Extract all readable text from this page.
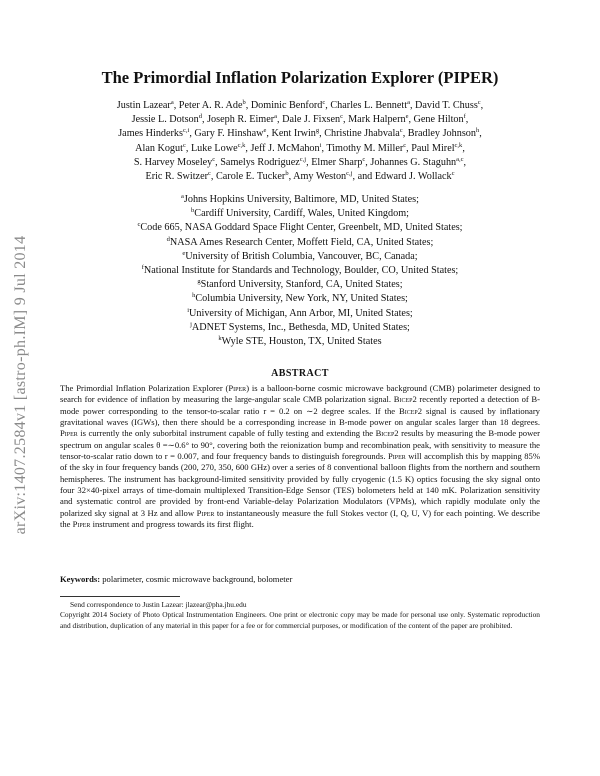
arXiv:1407.2584v1 [astro-ph.IM] 9 Jul 2014
The Primordial Inflation Polarization Explorer (PIPER)
Justin Lazear$^a$, Peter A. R. Ade$^b$, Dominic Benford$^c$, Charles L. Bennett$^a$, David T. Chuss$^c$,
Jessie L. Dotson$^d$, Joseph R. Eimer$^a$, Dale J. Fixsen$^c$, Mark Halpern$^e$, Gene Hilton$^f$,
James Hinderks$^{c,i}$, Gary F. Hinshaw$^e$, Kent Irwin$^g$, Christine Jhabvala$^c$, Bradley Johnson$^h$,
Alan Kogut$^c$, Luke Lowe$^{c,k}$, Jeff J. McMahon$^i$, Timothy M. Miller$^c$, Paul Mirel$^{c,k}$,
S. Harvey Moseley$^c$, Samelys Rodriguez$^{c,j}$, Elmer Sharp$^c$, Johannes G. Staguhn$^{a,c}$,
Eric R. Switzer$^c$, Carole E. Tucker$^b$, Amy Weston$^{c,j}$, and Edward J. Wollack$^c$
$^a$Johns Hopkins University, Baltimore, MD, United States;
$^b$Cardiff University, Cardiff, Wales, United Kingdom;
$^c$Code 665, NASA Goddard Space Flight Center, Greenbelt, MD, United States;
$^d$NASA Ames Research Center, Moffett Field, CA, United States;
$^e$University of British Columbia, Vancouver, BC, Canada;
$^f$National Institute for Standards and Technology, Boulder, CO, United States;
$^g$Stanford University, Stanford, CA, United States;
$^h$Columbia University, New York, NY, United States;
$^i$University of Michigan, Ann Arbor, MI, United States;
$^j$ADNET Systems, Inc., Bethesda, MD, United States;
$^k$Wyle STE, Houston, TX, United States
ABSTRACT
The Primordial Inflation Polarization Explorer (Piper) is a balloon-borne cosmic microwave background (CMB) polarimeter designed to search for evidence of inflation by measuring the large-angular scale CMB polarization signal. Bicep2 recently reported a detection of B-mode power corresponding to the tensor-to-scalar ratio r = 0.2 on ∼2 degree scales. If the Bicep2 signal is caused by inflationary gravitational waves (IGWs), then there should be a corresponding increase in B-mode power on angular scales larger than 18 degrees. Piper is currently the only suborbital instrument capable of fully testing and extending the Bicep2 results by measuring the B-mode power spectrum on angular scales θ =∼0.6° to 90°, covering both the reionization bump and recombination peak, with sensitivity to measure the tensor-to-scalar ratio down to r = 0.007, and four frequency bands to distinguish foregrounds. Piper will accomplish this by mapping 85% of the sky in four frequency bands (200, 270, 350, 600 GHz) over a series of 8 conventional balloon flights from the northern and southern hemispheres. The instrument has background-limited sensitivity provided by fully cryogenic (1.5 K) optics focusing the sky signal onto four 32×40-pixel arrays of time-domain multiplexed Transition-Edge Sensor (TES) bolometers held at 140 mK. Polarization sensitivity and systematic control are provided by front-end Variable-delay Polarization Modulators (VPMs), which rapidly modulate only the polarized sky signal at 3 Hz and allow Piper to instantaneously measure the full Stokes vector (I, Q, U, V) for each pointing. We describe the Piper instrument and progress towards its first flight.
Keywords: polarimeter, cosmic microwave background, bolometer
Send correspondence to Justin Lazear: jlazear@pha.jhu.edu
Copyright 2014 Society of Photo Optical Instrumentation Engineers. One print or electronic copy may be made for personal use only. Systematic reproduction and distribution, duplication of any material in this paper for a fee or for commercial purposes, or modification of the content of the paper are prohibited.
